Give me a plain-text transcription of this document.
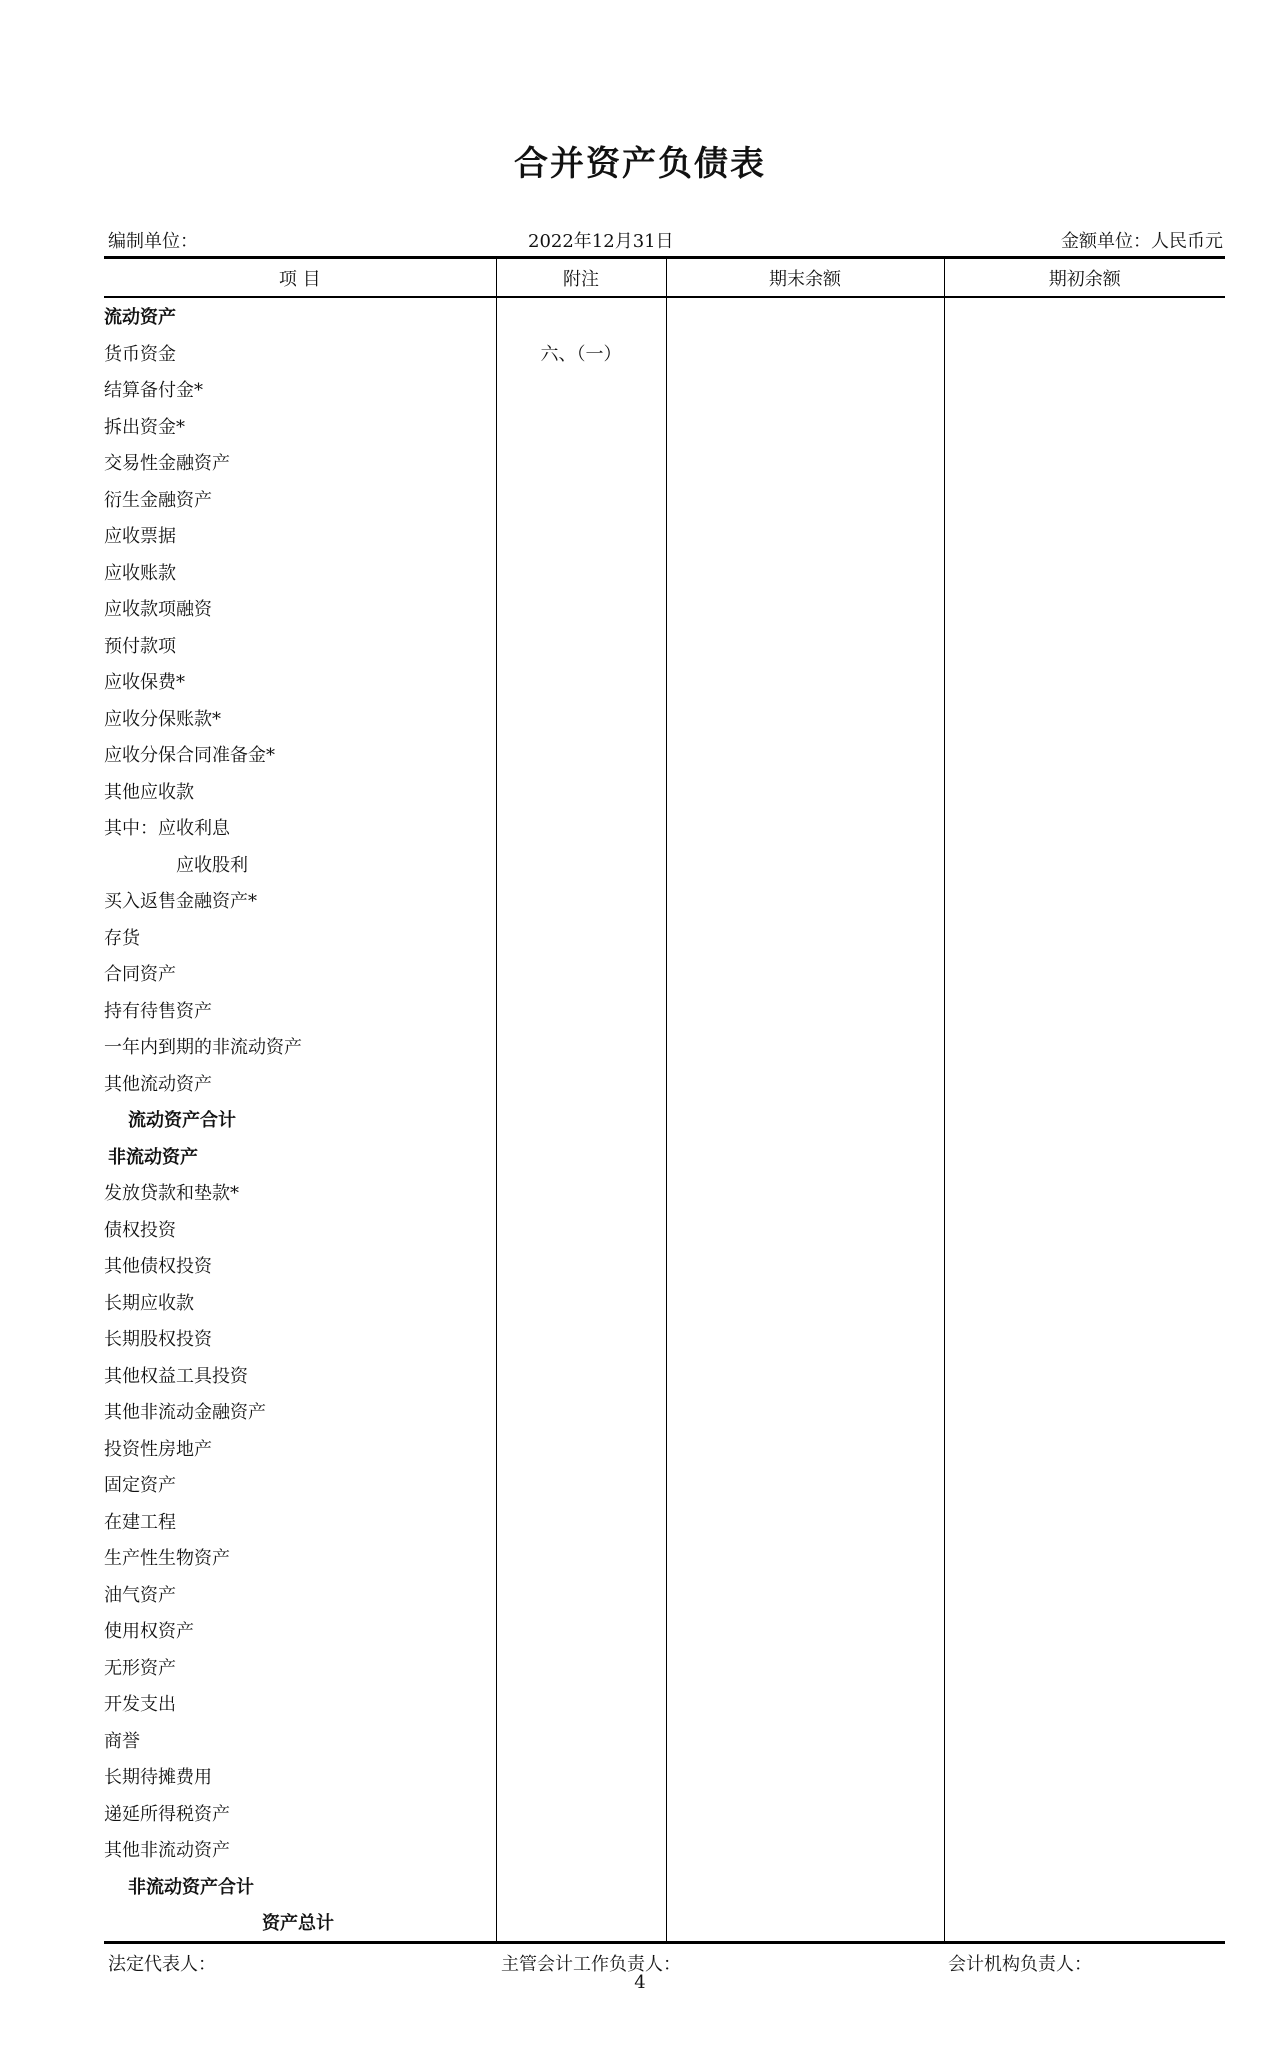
合并资产负债表
编制单位：	2022年12月31日	金额单位：人民币元
项 目	附注	期末余额	期初余额
流动资产			
货币资金	六、（一）		
结算备付金*			
拆出资金*			
交易性金融资产			
衍生金融资产			
应收票据			
应收账款			
应收款项融资			
预付款项			
应收保费*			
应收分保账款*			
应收分保合同准备金*			
其他应收款			
其中：应收利息			
应收股利			
买入返售金融资产*			
存货			
合同资产			
持有待售资产			
一年内到期的非流动资产			
其他流动资产			
流动资产合计			
非流动资产			
发放贷款和垫款*			
债权投资			
其他债权投资			
长期应收款			
长期股权投资			
其他权益工具投资			
其他非流动金融资产			
投资性房地产			
固定资产			
在建工程			
生产性生物资产			
油气资产			
使用权资产			
无形资产			
开发支出			
商誉			
长期待摊费用			
递延所得税资产			
其他非流动资产			
非流动资产合计			
资产总计			
法定代表人：	主管会计工作负责人：	会计机构负责人：
4
